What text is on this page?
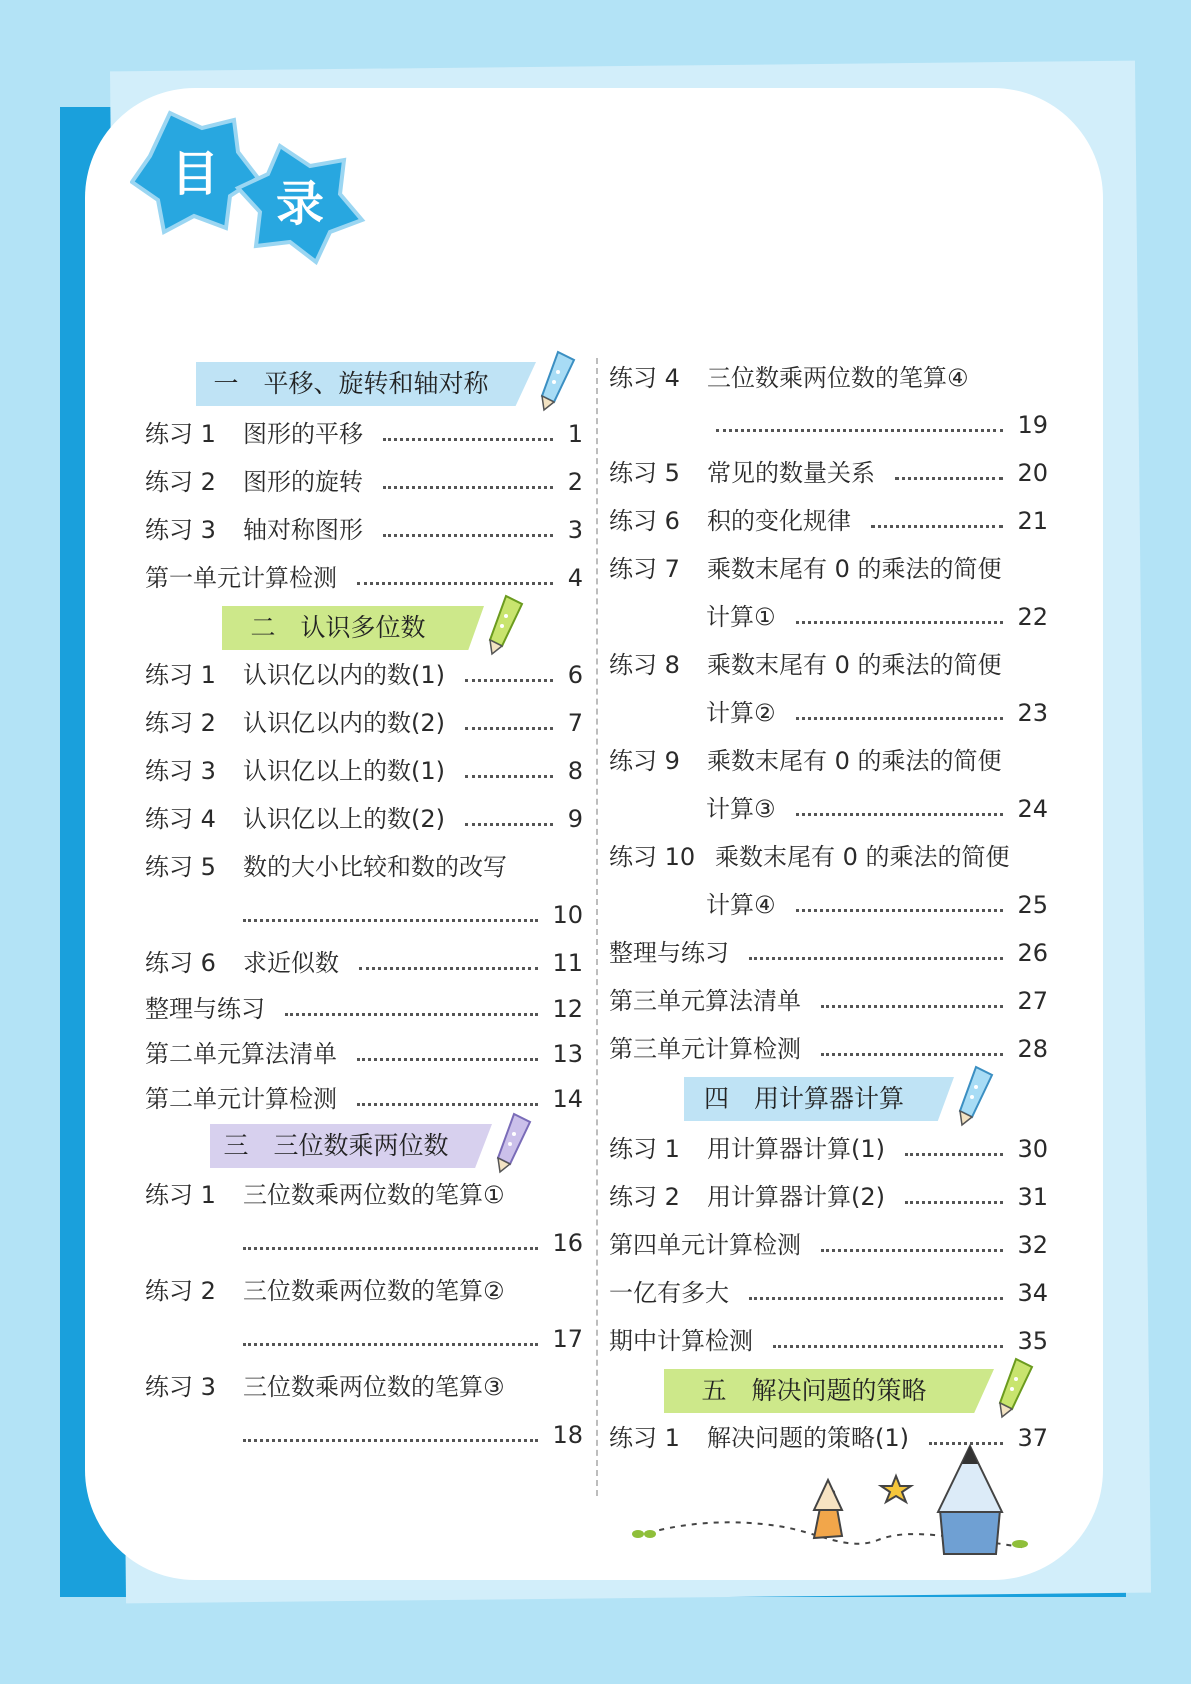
目
录
一　平移、旋转和轴对称
练习 1	图形的平移	1
练习 2	图形的旋转	2
练习 3	轴对称图形	3
第一单元计算检测	4
二　认识多位数
练习 1	认识亿以内的数(1)	6
练习 2	认识亿以内的数(2)	7
练习 3	认识亿以上的数(1)	8
练习 4	认识亿以上的数(2)	9
练习 5 数的大小比较和数的改写
10
练习 6	求近似数	11
整理与练习	12
第二单元算法清单	13
第二单元计算检测	14
三　三位数乘两位数
练习 1 三位数乘两位数的笔算①
16
练习 2 三位数乘两位数的笔算②
17
练习 3 三位数乘两位数的笔算③
18
练习 4 三位数乘两位数的笔算④
19
练习 5	常见的数量关系	20
练习 6	积的变化规律	21
练习 7 乘数末尾有 0 的乘法的简便
计算①	22
练习 8 乘数末尾有 0 的乘法的简便
计算②	23
练习 9 乘数末尾有 0 的乘法的简便
计算③	24
练习 10 乘数末尾有 0 的乘法的简便
计算④	25
整理与练习	26
第三单元算法清单	27
第三单元计算检测	28
四　用计算器计算
练习 1	用计算器计算(1)	30
练习 2	用计算器计算(2)	31
第四单元计算检测	32
一亿有多大	34
期中计算检测	35
五　解决问题的策略
练习 1	解决问题的策略(1)	37
